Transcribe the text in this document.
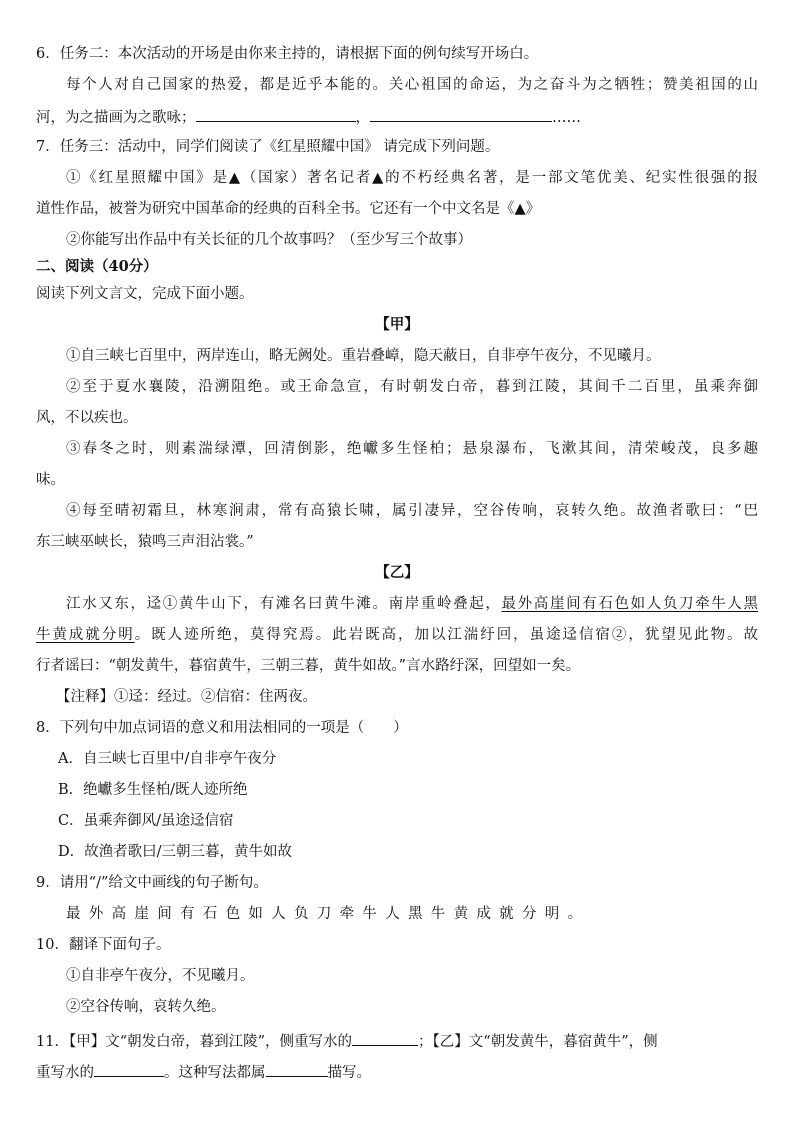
6．任务二：本次活动的开场是由你来主持的，请根据下面的例句续写开场白。
每个人对自己国家的热爱，都是近乎本能的。关心祖国的命运，为之奋斗为之牺牲；赞美祖国的山
河，为之描画为之歌咏；	，	……
7．任务三：活动中，同学们阅读了《红星照耀中国》 请完成下列问题。
①《红星照耀中国》是▲（国家）著名记者▲的不朽经典名著，是一部文笔优美、纪实性很强的报
道性作品，被誉为研究中国革命的经典的百科全书。它还有一个中文名是《▲》
②你能写出作品中有关长征的几个故事吗？（至少写三个故事）
二、阅读（40分）
阅读下列文言文，完成下面小题。
【甲】
①自三峡七百里中，两岸连山，略无阙处。重岩叠嶂，隐天蔽日，自非亭午夜分，不见曦月。
②至于夏水襄陵，沿溯阻绝。或王命急宣，有时朝发白帝，暮到江陵，其间千二百里，虽乘奔御
风，不以疾也。
③春冬之时，则素湍绿潭，回清倒影，绝巘多生怪柏；悬泉瀑布，飞漱其间，清荣峻茂，良多趣
味。
④每至晴初霜旦，林寒涧肃，常有高猿长啸，属引凄异，空谷传响，哀转久绝。故渔者歌曰：“巴
东三峡巫峡长，猿鸣三声泪沾裳。”
【乙】
江水又东，迳①黄牛山下，有滩名曰黄牛滩。南岸重岭叠起，最外高崖间有石色如人负刀牵牛人黑
牛黄成就分明。既人迹所绝，莫得究焉。此岩既高，加以江湍纡回，虽途迳信宿②，犹望见此物。故
行者谣曰：“朝发黄牛，暮宿黄牛，三朝三暮，黄牛如故。”言水路纡深，回望如一矣。
【注释】①迳：经过。②信宿：住两夜。
8．下列句中加点词语的意义和用法相同的一项是（　　）
A．自三峡七百里中/自非亭午夜分
B．绝巘多生怪柏/既人迹所绝
C．虽乘奔御风/虽途迳信宿
D．故渔者歌曰/三朝三暮，黄牛如故
9．请用“/”给文中画线的句子断句。
最外高崖间有石色如人负刀牵牛人黑牛黄成就分明。
10．翻译下面句子。
①自非亭午夜分，不见曦月。
②空谷传响，哀转久绝。
11．【甲】文“朝发白帝，暮到江陵”，侧重写水的	；【乙】文“朝发黄牛，暮宿黄牛”，侧
重写水的	。这种写法都属	描写。
